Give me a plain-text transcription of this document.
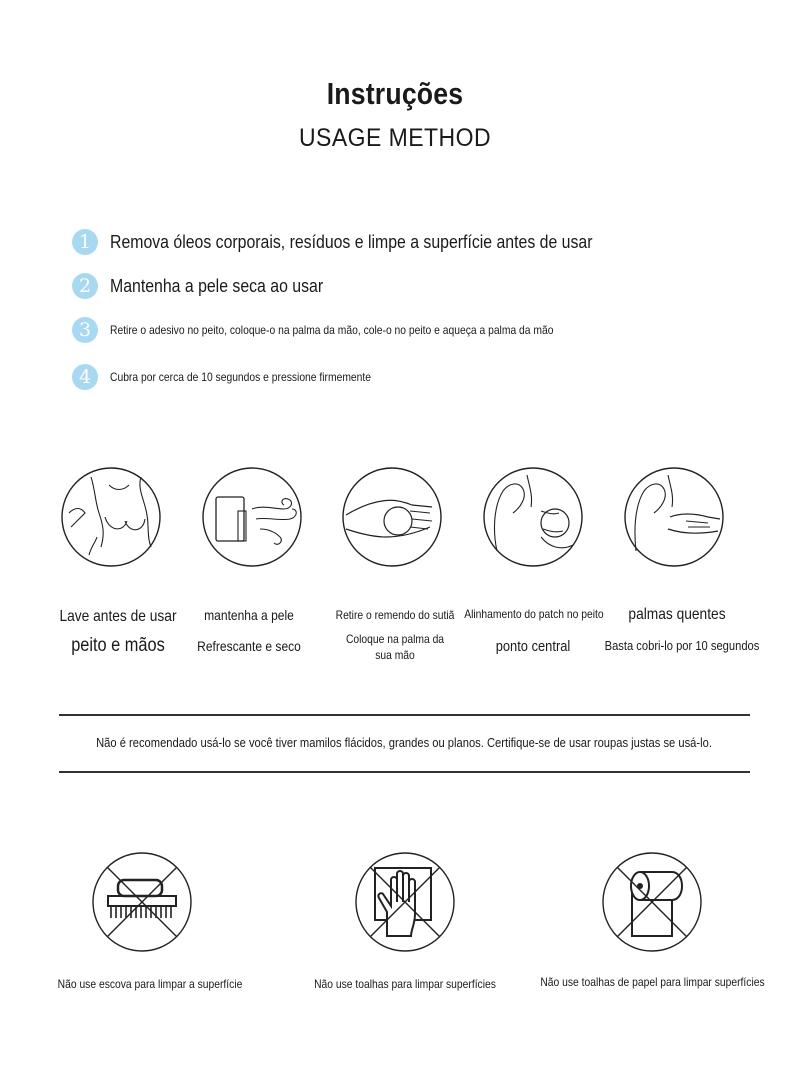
Instruções
USAGE METHOD
1	Remova óleos corporais, resíduos e limpe a superfície antes de usar
2	Mantenha a pele seca ao usar
3	Retire o adesivo no peito, coloque-o na palma da mão, cole-o no peito e aqueça a palma da mão
4	Cubra por cerca de 10 segundos e pressione firmemente
Lave antes de usar
peito e mãos
mantenha a pele
Refrescante e seco
Retire o remendo do sutiã
Coloque na palma da sua mão
Alinhamento do patch no peito
ponto central
palmas quentes
Basta cobri-lo por 10 segundos
Não é recomendado usá-lo se você tiver mamilos flácidos, grandes ou planos. Certifique-se de usar roupas justas se usá-lo.
Não use escova para limpar a superfície	Não use toalhas para limpar superfícies	Não use toalhas de papel para limpar superfícies
